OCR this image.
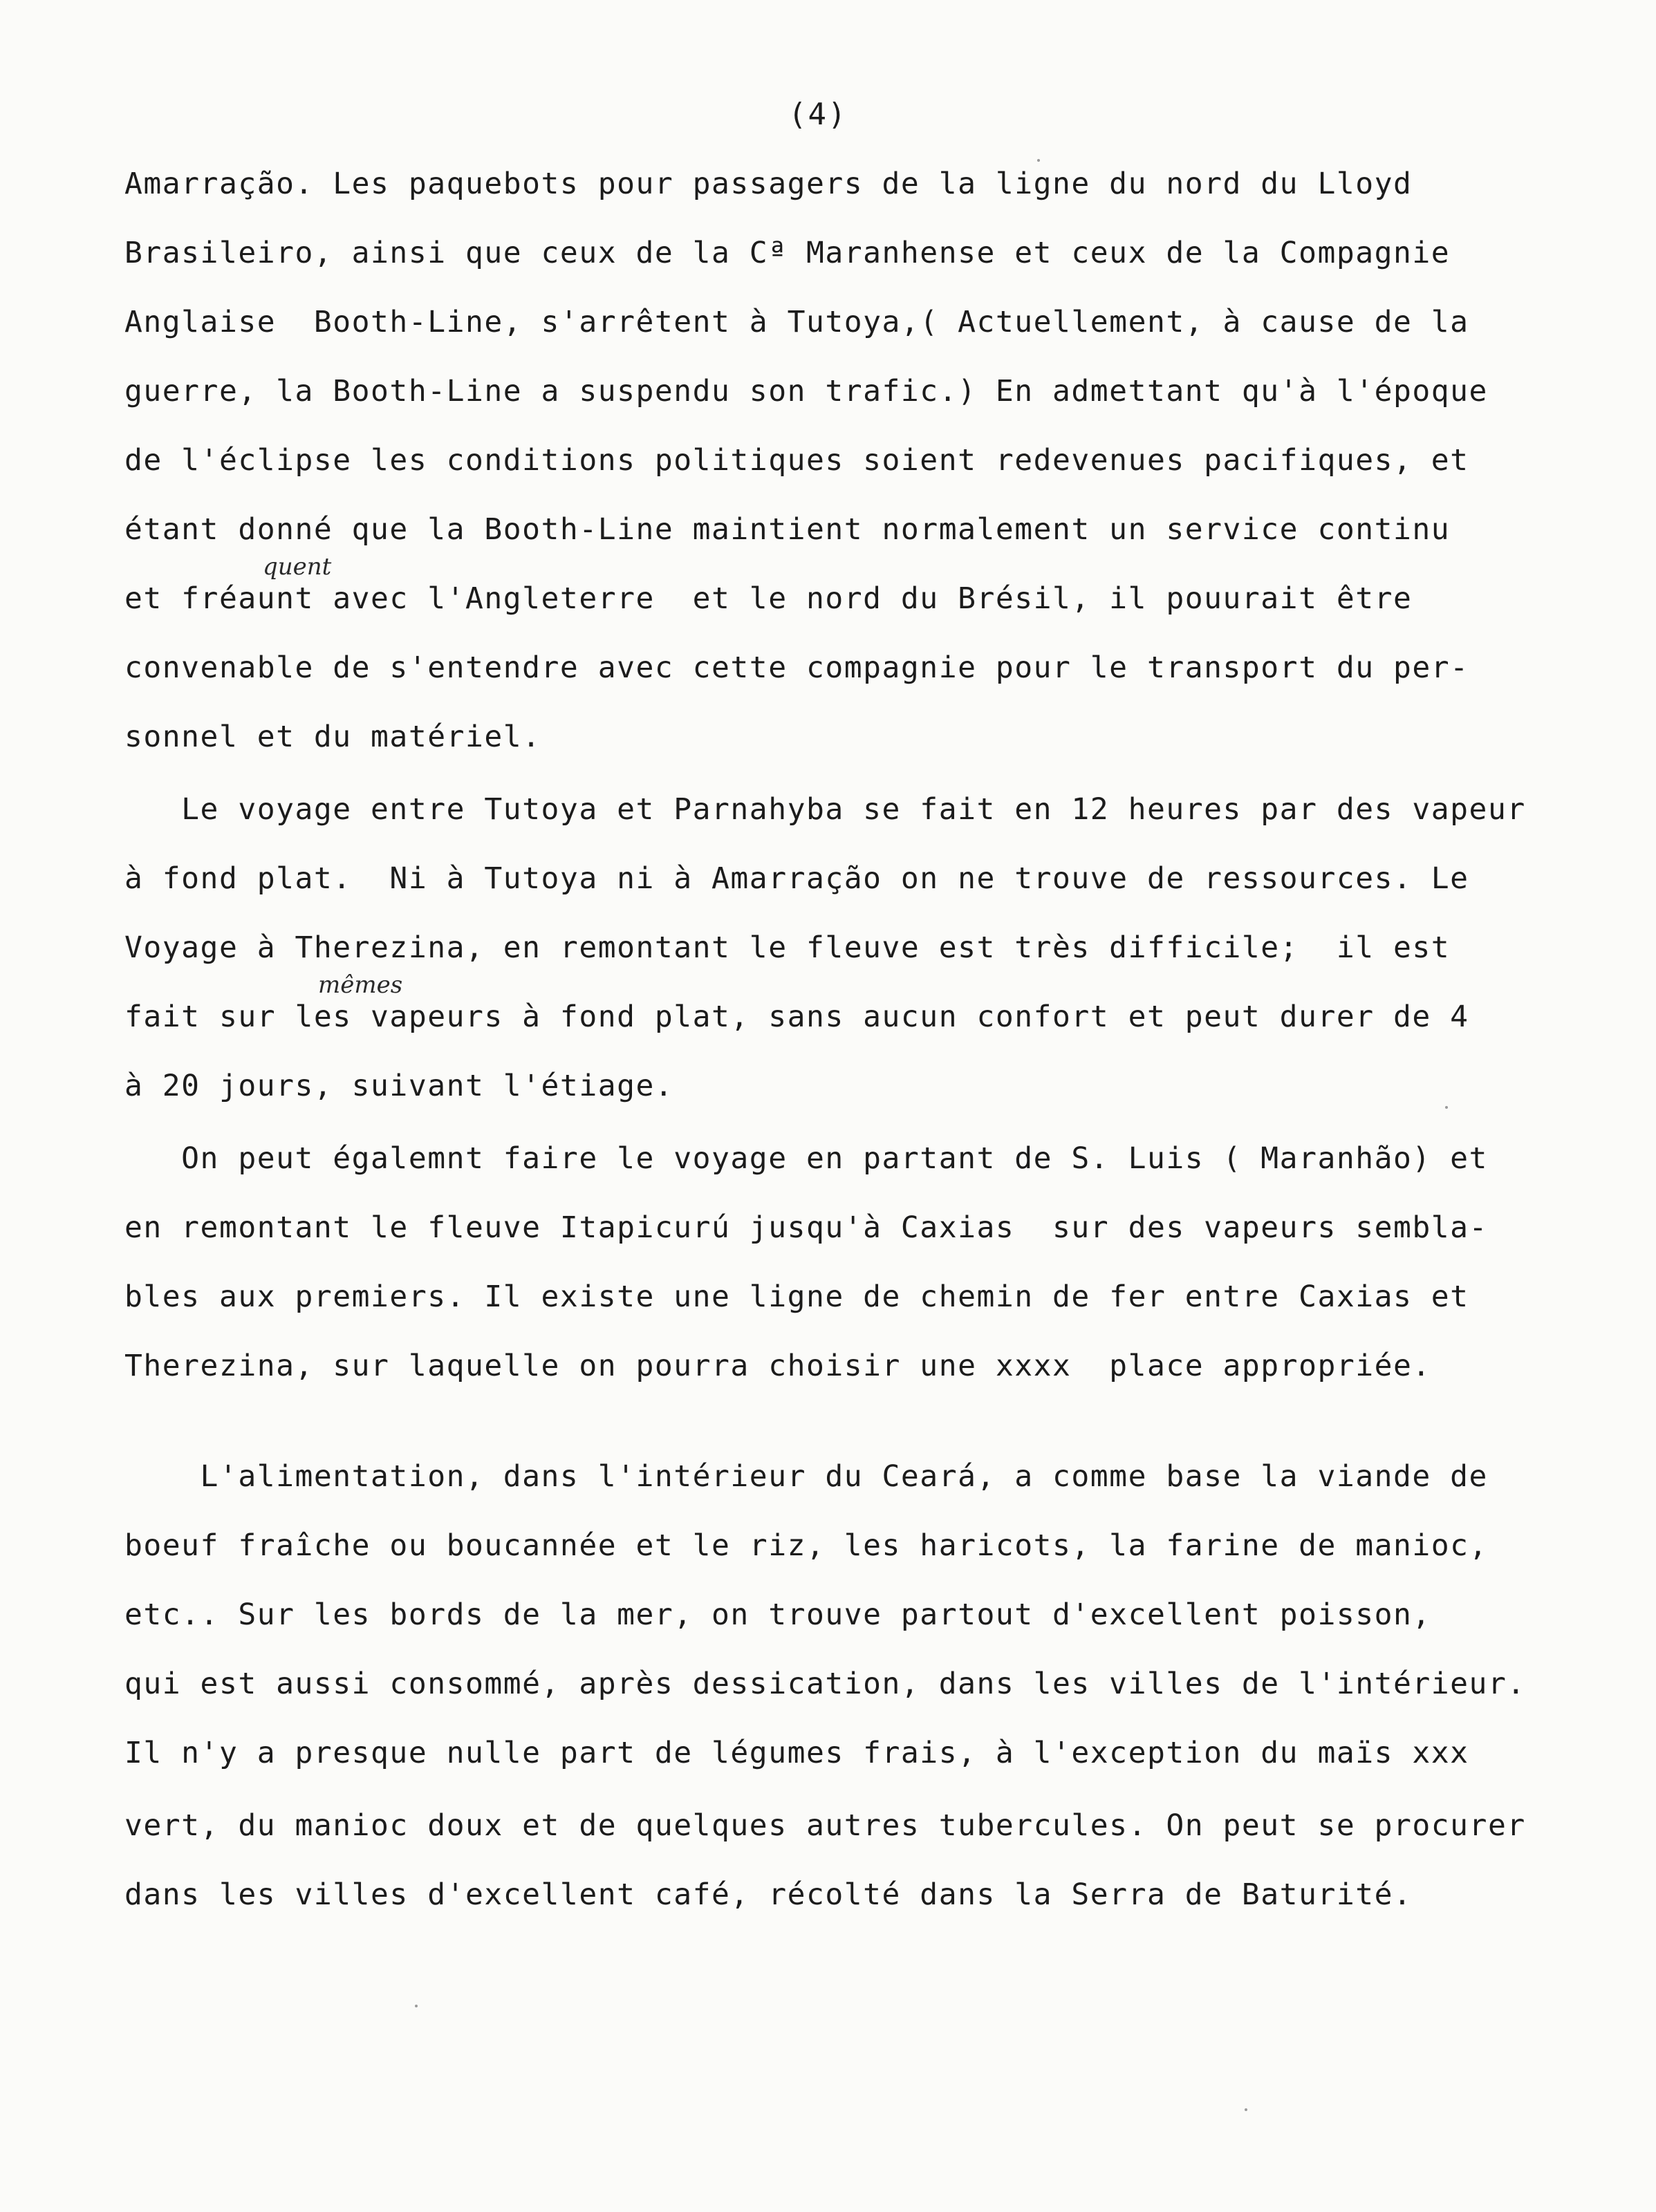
(4)
Amarração. Les paquebots pour passagers de la ligne du nord du Lloyd
Brasileiro, ainsi que ceux de la Cª Maranhense et ceux de la Compagnie
Anglaise  Booth-Line, s'arrêtent à Tutoya,( Actuellement, à cause de la
guerre, la Booth-Line a suspendu son trafic.) En admettant qu'à l'époque
de l'éclipse les conditions politiques soient redevenues pacifiques, et
étant donné que la Booth-Line maintient normalement un service continu
quent
et fréaunt avec l'Angleterre  et le nord du Brésil, il pouurait être
convenable de s'entendre avec cette compagnie pour le transport du per-
sonnel et du matériel.
Le voyage entre Tutoya et Parnahyba se fait en 12 heures par des vapeur
à fond plat.  Ni à Tutoya ni à Amarração on ne trouve de ressources. Le
Voyage à Therezina, en remontant le fleuve est très difficile;  il est
mêmes
fait sur les vapeurs à fond plat, sans aucun confort et peut durer de 4
à 20 jours, suivant l'étiage.
On peut égalemnt faire le voyage en partant de S. Luis ( Maranhão) et
en remontant le fleuve Itapicurú jusqu'à Caxias  sur des vapeurs sembla-
bles aux premiers. Il existe une ligne de chemin de fer entre Caxias et
Therezina, sur laquelle on pourra choisir une xxxx  place appropriée.
L'alimentation, dans l'intérieur du Ceará, a comme base la viande de
boeuf fraîche ou boucannée et le riz, les haricots, la farine de manioc,
etc.. Sur les bords de la mer, on trouve partout d'excellent poisson,
qui est aussi consommé, après dessication, dans les villes de l'intérieur.
Il n'y a presque nulle part de légumes frais, à l'exception du maïs xxx
vert, du manioc doux et de quelques autres tubercules. On peut se procurer
dans les villes d'excellent café, récolté dans la Serra de Baturité.
